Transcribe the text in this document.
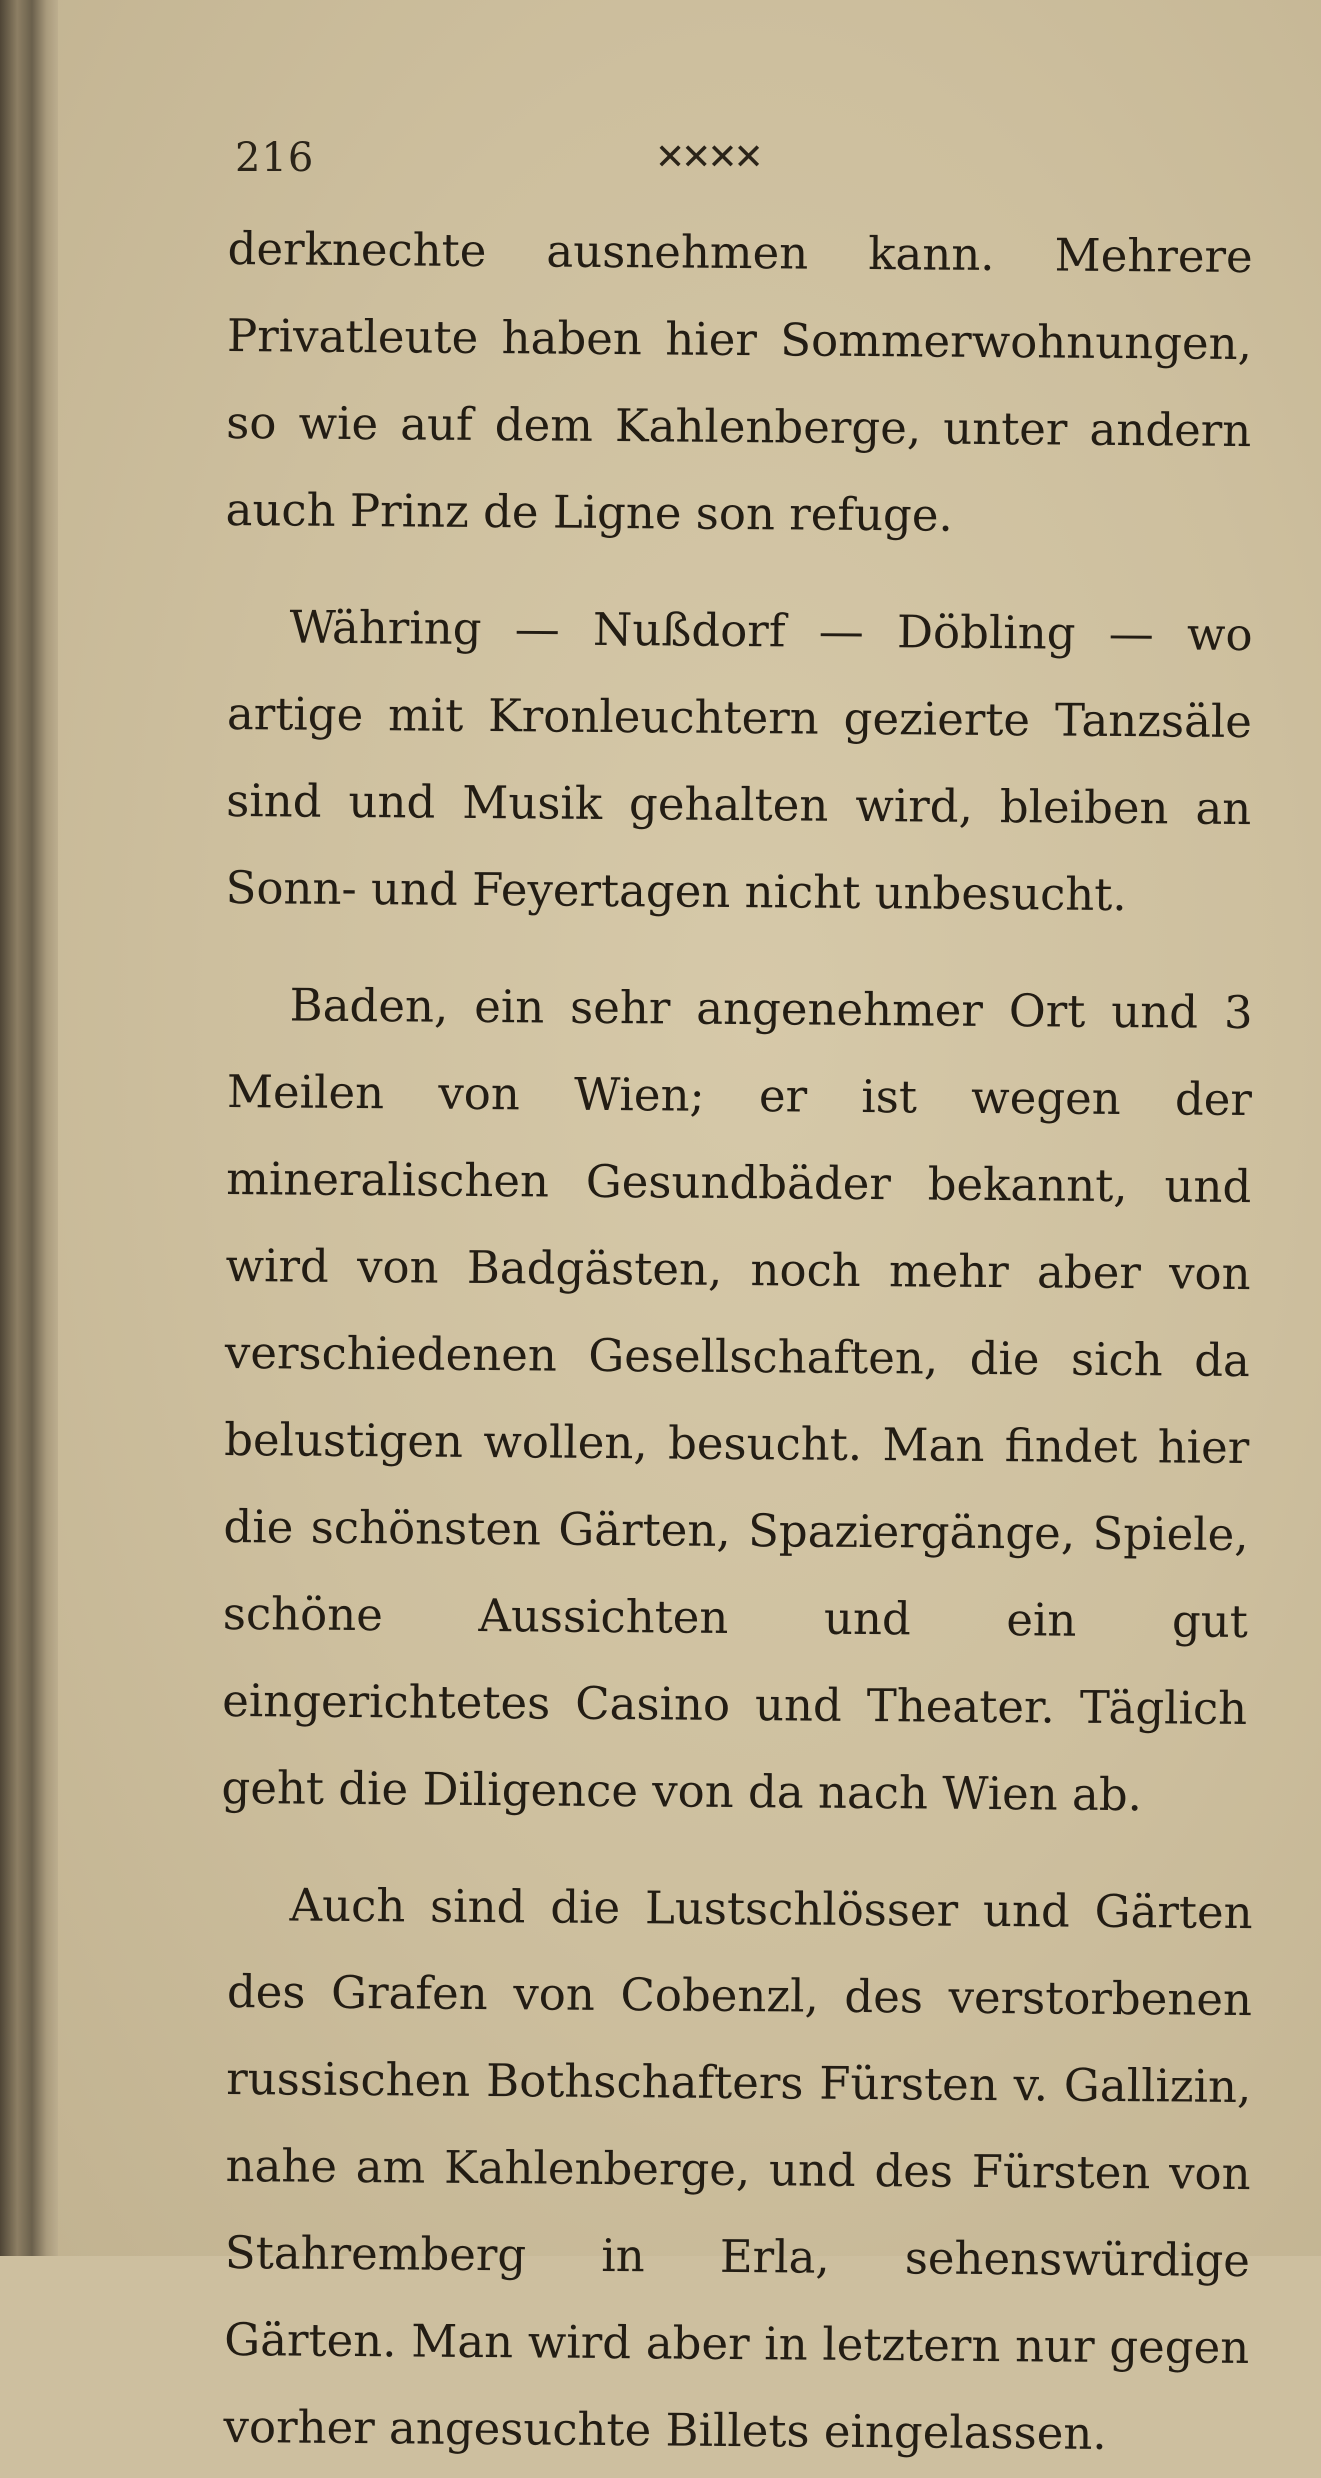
216	✕✕✕✕

derknechte ausnehmen kann. Mehrere Privatleute haben hier Sommerwohnungen, so wie auf dem Kahlenberge, unter andern auch Prinz de Ligne son refuge.

Währing — Nußdorf — Döbling — wo artige mit Kronleuchtern gezierte Tanzsäle sind und Musik gehalten wird, bleiben an Sonn- und Feyertagen nicht unbesucht.

Baden, ein sehr angenehmer Ort und 3 Meilen von Wien; er ist wegen der mineralischen Gesundbäder bekannt, und wird von Badgästen, noch mehr aber von verschiedenen Gesellschaften, die sich da belustigen wollen, besucht. Man findet hier die schönsten Gärten, Spaziergänge, Spiele, schöne Aussichten und ein gut eingerichtetes Casino und Theater. Täglich geht die Diligence von da nach Wien ab.

Auch sind die Lustschlösser und Gärten des Grafen von Cobenzl, des verstorbenen russischen Bothschafters Fürsten v. Gallizin, nahe am Kahlenberge, und des Fürsten von Stahremberg in Erla, sehenswürdige Gärten. Man wird aber in letztern nur gegen vorher angesuchte Billets eingelassen.
